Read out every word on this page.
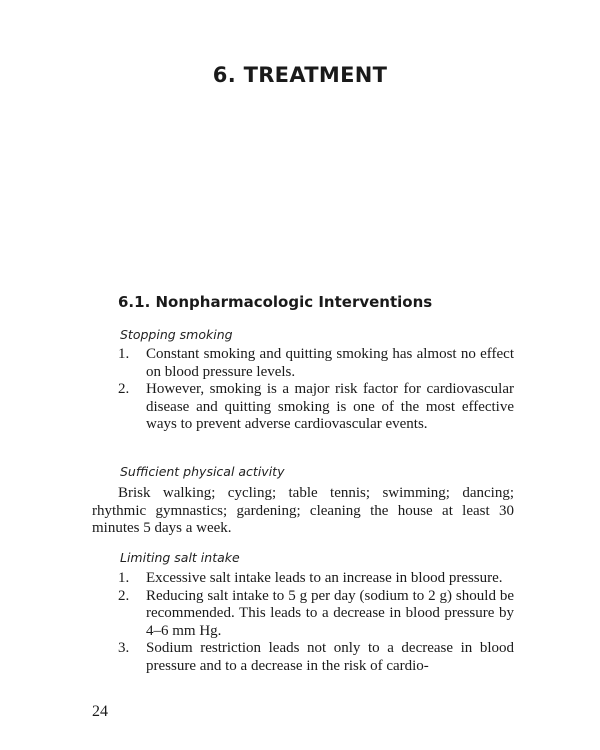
6. TREATMENT
6.1. Nonpharmacologic Interventions
Stopping smoking
1. Constant smoking and quitting smoking has almost no effect on blood pressure levels.
2. However, smoking is a major risk factor for cardiovascular disease and quitting smoking is one of the most effective ways to prevent adverse cardiovascular events.
Sufficient physical activity

Brisk walking; cycling; table tennis; swimming; dancing; rhythmic gymnastics; gardening; cleaning the house at least 30 minutes 5 days a week.

Limiting salt intake
1. Excessive salt intake leads to an increase in blood pressure.
2. Reducing salt intake to 5 g per day (sodium to 2 g) should be recommended. This leads to a decrease in blood pressure by 4–6 mm Hg.
3. Sodium restriction leads not only to a decrease in blood pressure and to a decrease in the risk of cardio-
24
